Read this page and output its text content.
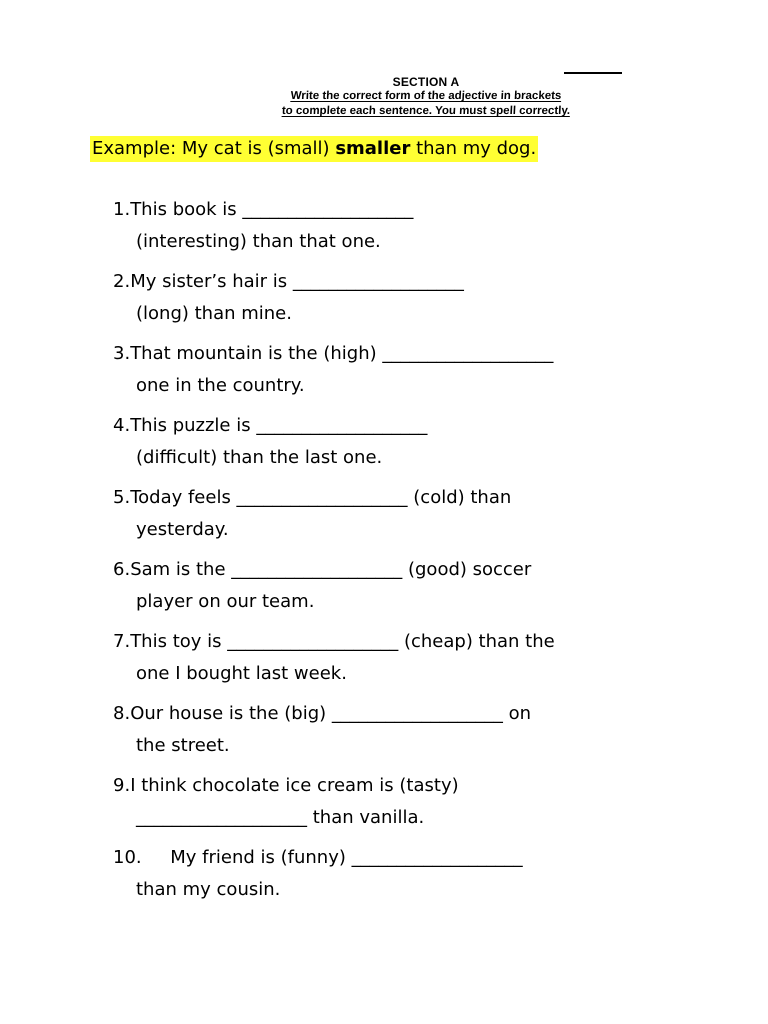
SECTION A
Write the correct form of the adjective in brackets
to complete each sentence. You must spell correctly.
Example: My cat is (small) smaller than my dog.
1.This book is ___________________
(interesting) than that one.
2.My sister’s hair is ___________________
(long) than mine.
3.That mountain is the (high) ___________________
one in the country.
4.This puzzle is ___________________
(difficult) than the last one.
5.Today feels ___________________ (cold) than
yesterday.
6.Sam is the ___________________ (good) soccer
player on our team.
7.This toy is ___________________ (cheap) than the
one I bought last week.
8.Our house is the (big) ___________________ on
the street.
9.I think chocolate ice cream is (tasty)
___________________ than vanilla.
10.     My friend is (funny) ___________________
than my cousin.
